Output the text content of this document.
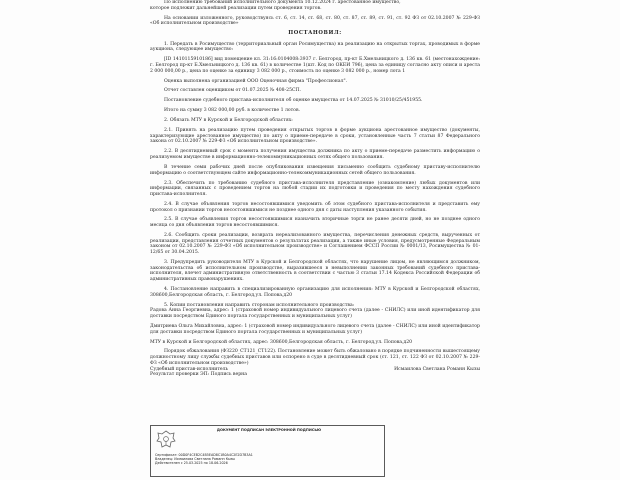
По исполнению требований исполнительного документа 10.12.2024 г. арестованное имущество,

которое подлежит дальнейшей реализации путем проведения торгов.

На основании изложенного, руководствуясь ст. 6, ст. 14, ст. 68, ст. 80, ст. 87, ст. 89, ст. 91, ст. 92 ФЗ от 02.10.2007 № 229-ФЗ «Об исполнительном производстве»

ПОСТАНОВИЛ:

1. Передать в Росимущество (территориальный орган Росимущества) на реализацию на открытых торгах, проводимых в форме аукциона, следующее имущество:

[ID 1410115910186] вид помещение кл. 31:16:0104008:3937 г. Белгород, пр-кт Б.Хмельницкого д. 136 кв. 61 (местонахождение: г. Белгород пр-кт Б.Хмельницкого д. 136 кв. 61) в количестве 1(шт. Код по ОКЕИ 796), цена за единицу согласно акту описи и ареста 2 000 000,00 р., цена по оценке за единицу 3 082 000 р., стоимость по оценке 3 082 000 р., номер лота 1

Оценка выполнена организацией ООО Оценочная фирма "Профессионал".

Отчет составлен оценщиком от 01.07.2025 № 408-25СП.

Постановление судебного пристава-исполнителя об оценке имущества от 14.07.2025 № 31010/25/451955.

Итого на сумму 3 082 000,00 руб. в количестве 1 лотов.

2. Обязать МТУ в Курской и Белгородской областях:

2.1. Принять на реализацию путем проведения открытых торгов в форме аукциона арестованное имущество (документы, характеризующие арестованное имущество) по акту о приеме-передаче в сроки, установленные часть 7 статьи 87 Федерального закона от 02.10.2007 № 229-ФЗ «Об исполнительном производстве».

2.2. В десятидневный срок с момента получения имущества должника по акту о приеме-передаче разместить информацию о реализуемом имуществе в информационно-телекоммуникационных сетях общего пользования.

В течение семи рабочих дней после опубликования извещения письменно сообщить судебному приставу-исполнителю информацию о соответствующем сайте информационно-телекоммуникационных сетей общего пользования.

2.3. Обеспечить по требованию судебного пристава-исполнителя представление (ознакомление) любых документов или информации, связанных с проведением торгов на любой стадии их подготовки и проведения по месту нахождения судебного пристава-исполнителя.

2.4. В случае объявления торгов несостоявшимися уведомить об этом судебного пристава-исполнителя и представить ему протокол о признании торгов несостоявшимися не позднее одного дня с даты наступления указанного события.

2.5. В случае объявления торгов несостоявшимися назначить вторичные торги не ранее десяти дней, но не позднее одного месяца со дня объявления торгов несостоявшимися.

2.6. Сообщить сроки реализации, возврата нереализованного имущества, перечисления денежных средств, вырученных от реализации, представления отчетных документов о результатах реализации, а также иные условия, предусмотренные Федеральным законом от 02.10.2007 № 229-ФЗ «Об исполнительном производстве» и Соглашением ФССП России № 0001/13, Росимущества № 01-12/65 от 30.04.2015.

3. Предупредить руководителя МТУ в Курской и Белгородской областях, что нарушение лицом, не являющимся должником, законодательства об исполнительном производстве, выразившееся в невыполнении законных требований судебного пристава-исполнителя, влечет административную ответственность в соответствии с частью 3 статьи 17.14 Кодекса Российской Федерации об административных правонарушениях.

4. Постановление направить в специализированную организацию для исполнения: МТУ в Курской и Белгородской областях, 308600,Белгородская область, г. Белгород,ул. Попова,д20

5. Копии постановления направить сторонам исполнительного производства:

Радова Анна Георгиевна, адрес: 1 (страховой номер индивидуального лицевого счета (далее - СНИЛС) или иной идентификатор для доставки посредством Единого портала государственных и муниципальных услуг)

Дмитриева Ольга Михайловна, адрес: 1 (страховой номер индивидуального лицевого счета (далее - СНИЛС) или иной идентификатор для доставки посредством Единого портала государственных и муниципальных услуг)

МТУ в Курской и Белгородской областях, адрес: 308600,Белгородская область, г. Белгород,ул. Попова,д20

Порядок обжалования (ФЗ220_СТ121_СТ122). Постановление может быть обжаловано в порядке подчиненности вышестоящему должностному лицу службы судебных приставов или оспорено в суде в десятидневный срок (ст. 121, ст. 122 ФЗ от 02.10.2007 № 229-ФЗ «Об исполнительном производстве»)

Судебный пристав-исполнитель	Исмаилова Светлана Романн Кызы

Результат проверки ЭП: Подпись верна

ДОКУМЕНТ ПОДПИСАН ЭЛЕКТРОННОЙ ПОДПИСЬЮ
Сертификат: 00D0F4CEB2C4B5EAD8C1B0A4C2E2D7B3A1
Владелец: Исмаилова Светлана Романн Кызы
Действителен с 25.03.2025 по 18.06.2026
